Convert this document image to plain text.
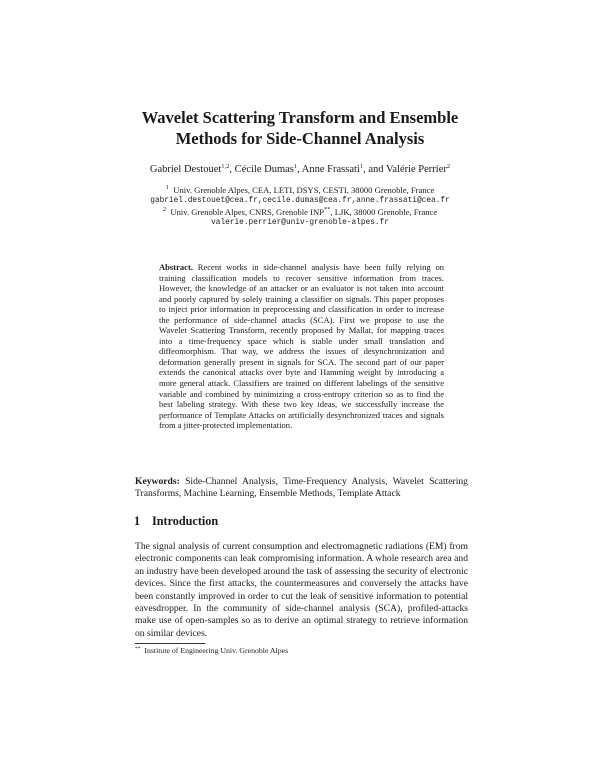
Wavelet Scattering Transform and Ensemble
Methods for Side-Channel Analysis
Gabriel Destouet$^{1,2}$, Cécile Dumas$^1$, Anne Frassati$^1$, and Valérie Perrier$^2$
$^1$ Univ. Grenoble Alpes, CEA, LETI, DSYS, CESTI, 38000 Grenoble, France
gabriel.destouet@cea.fr,cecile.dumas@cea.fr,anne.frassati@cea.fr
$^2$ Univ. Grenoble Alpes, CNRS, Grenoble INP**, LJK, 38000 Grenoble, France
valerie.perrier@univ-grenoble-alpes.fr
Abstract. Recent works in side-channel analysis have been fully relying on training classification models to recover sensitive information from traces. However, the knowledge of an attacker or an evaluator is not taken into account and poorly captured by solely training a classifier on signals. This paper proposes to inject prior information in preprocessing and classification in order to increase the performance of side-channel attacks (SCA). First we propose to use the Wavelet Scattering Transform, recently proposed by Mallat, for mapping traces into a time-frequency space which is stable under small translation and diffeomorphism. That way, we address the issues of desynchronization and deformation generally present in signals for SCA. The second part of our paper extends the canonical attacks over byte and Hamming weight by introducing a more general attack. Classifiers are trained on different labelings of the sensitive variable and combined by minimizing a cross-entropy criterion so as to find the best labeling strategy. With these two key ideas, we successfully increase the performance of Template Attacks on artificially desynchronized traces and signals from a jitter-protected implementation.
Keywords: Side-Channel Analysis, Time-Frequency Analysis, Wavelet Scattering Transforms, Machine Learning, Ensemble Methods, Template Attack
1 Introduction
The signal analysis of current consumption and electromagnetic radiations (EM) from electronic components can leak compromising information. A whole research area and an industry have been developed around the task of assessing the security of electronic devices. Since the first attacks, the countermeasures and conversely the attacks have been constantly improved in order to cut the leak of sensitive information to potential eavesdropper. In the community of side-channel analysis (SCA), profiled-attacks make use of open-samples so as to derive an optimal strategy to retrieve information on similar devices.
** Institute of Engineering Univ. Grenoble Alpes
